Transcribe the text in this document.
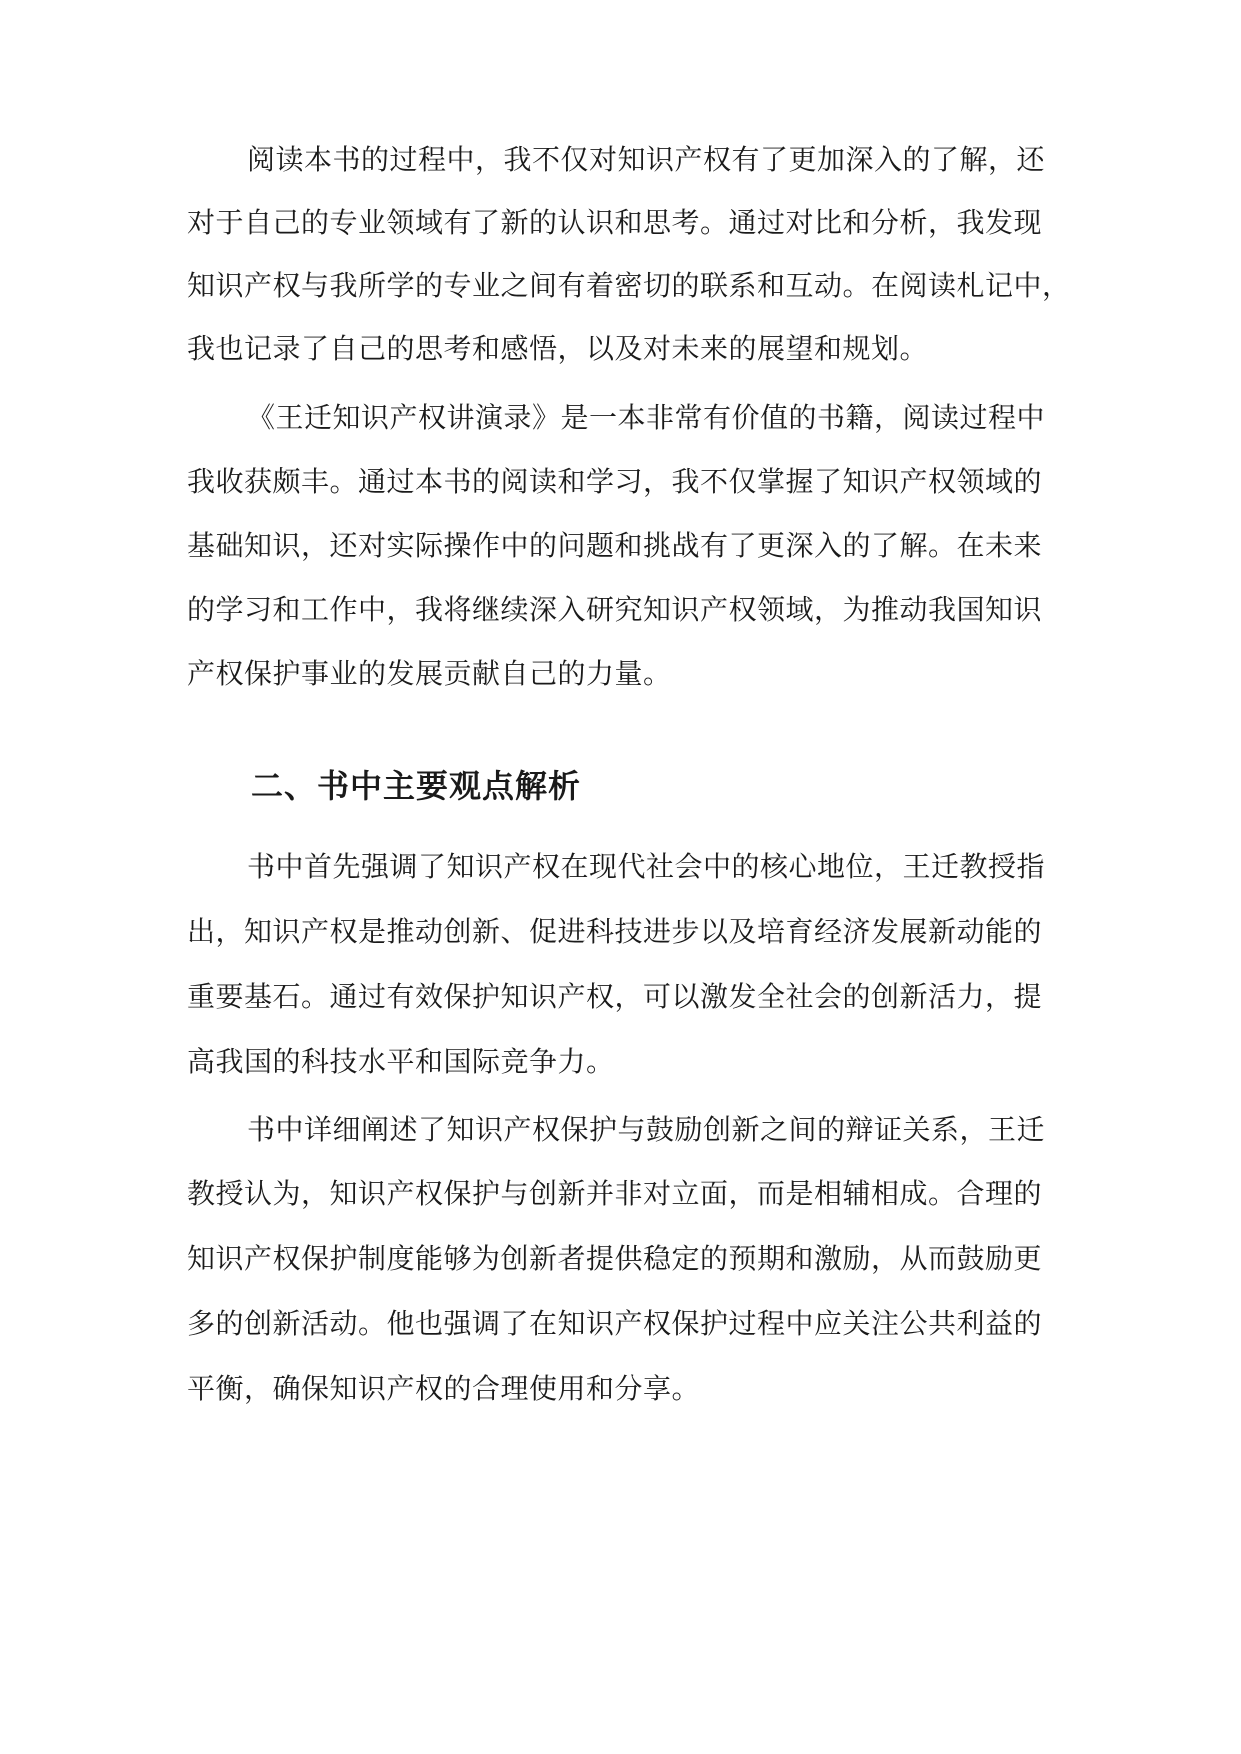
阅读本书的过程中，我不仅对知识产权有了更加深入的了解，还
对于自己的专业领域有了新的认识和思考。通过对比和分析，我发现
知识产权与我所学的专业之间有着密切的联系和互动。在阅读札记中，
我也记录了自己的思考和感悟，以及对未来的展望和规划。
《王迁知识产权讲演录》是一本非常有价值的书籍，阅读过程中
我收获颇丰。通过本书的阅读和学习，我不仅掌握了知识产权领域的
基础知识，还对实际操作中的问题和挑战有了更深入的了解。在未来
的学习和工作中，我将继续深入研究知识产权领域，为推动我国知识
产权保护事业的发展贡献自己的力量。
二、书中主要观点解析
书中首先强调了知识产权在现代社会中的核心地位，王迁教授指
出，知识产权是推动创新、促进科技进步以及培育经济发展新动能的
重要基石。通过有效保护知识产权，可以激发全社会的创新活力，提
高我国的科技水平和国际竞争力。
书中详细阐述了知识产权保护与鼓励创新之间的辩证关系，王迁
教授认为，知识产权保护与创新并非对立面，而是相辅相成。合理的
知识产权保护制度能够为创新者提供稳定的预期和激励，从而鼓励更
多的创新活动。他也强调了在知识产权保护过程中应关注公共利益的
平衡，确保知识产权的合理使用和分享。
